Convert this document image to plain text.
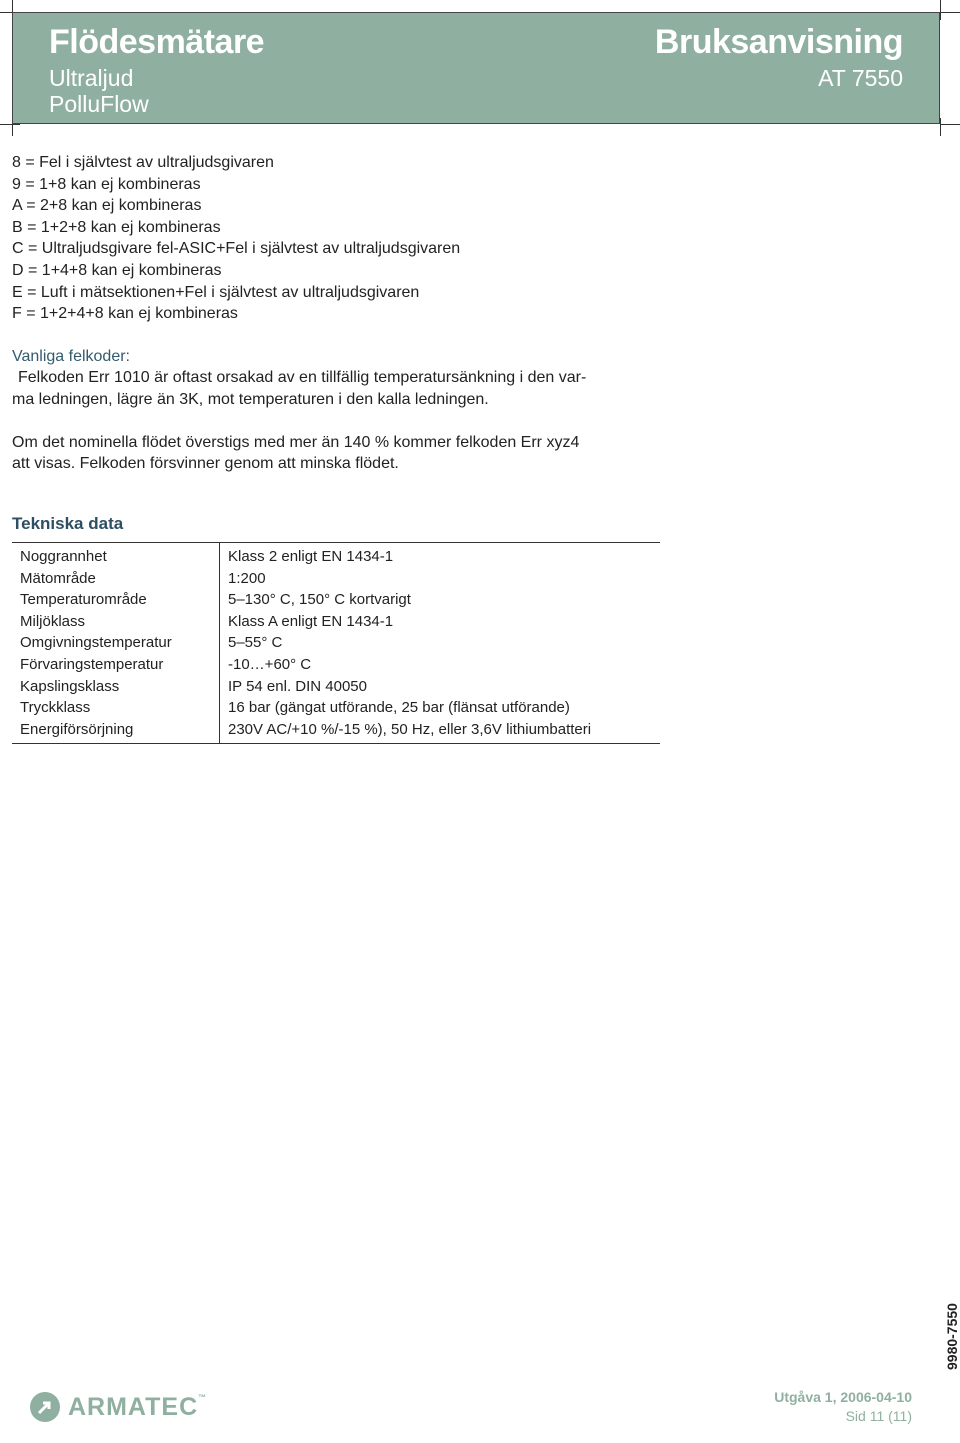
Flödesmätare
Ultraljud
PolluFlow
Bruksanvisning
AT 7550
8 = Fel i självtest av ultraljudsgivaren
9 = 1+8 kan ej kombineras
A = 2+8 kan ej kombineras
B = 1+2+8 kan ej kombineras
C = Ultraljudsgivare fel-ASIC+Fel i självtest av ultraljudsgivaren
D = 1+4+8 kan ej kombineras
E = Luft i mätsektionen+Fel i självtest av ultraljudsgivaren
F = 1+2+4+8 kan ej kombineras
Vanliga felkoder:
Felkoden Err 1010 är oftast orsakad av en tillfällig temperatursänkning i den var-
ma ledningen, lägre än 3K, mot temperaturen i den kalla ledningen.
Om det nominella flödet överstigs med mer än 140 % kommer felkoden Err xyz4
att visas. Felkoden försvinner genom att minska flödet.
Tekniska data
Noggrannhet	Klass 2 enligt EN 1434-1
Mätområde	1:200
Temperaturområde	5–130° C, 150° C kortvarigt
Miljöklass	Klass A enligt EN 1434-1
Omgivningstemperatur	5–55° C
Förvaringstemperatur	-10…+60° C
Kapslingsklass	IP 54 enl. DIN 40050
Tryckklass	16 bar (gängat utförande, 25 bar (flänsat utförande)
Energiförsörjning	230V AC/+10 %/-15 %), 50 Hz, eller 3,6V lithiumbatteri
9980-7550
ARMATEC™	Utgåva 1, 2006-04-10
Sid 11 (11)
